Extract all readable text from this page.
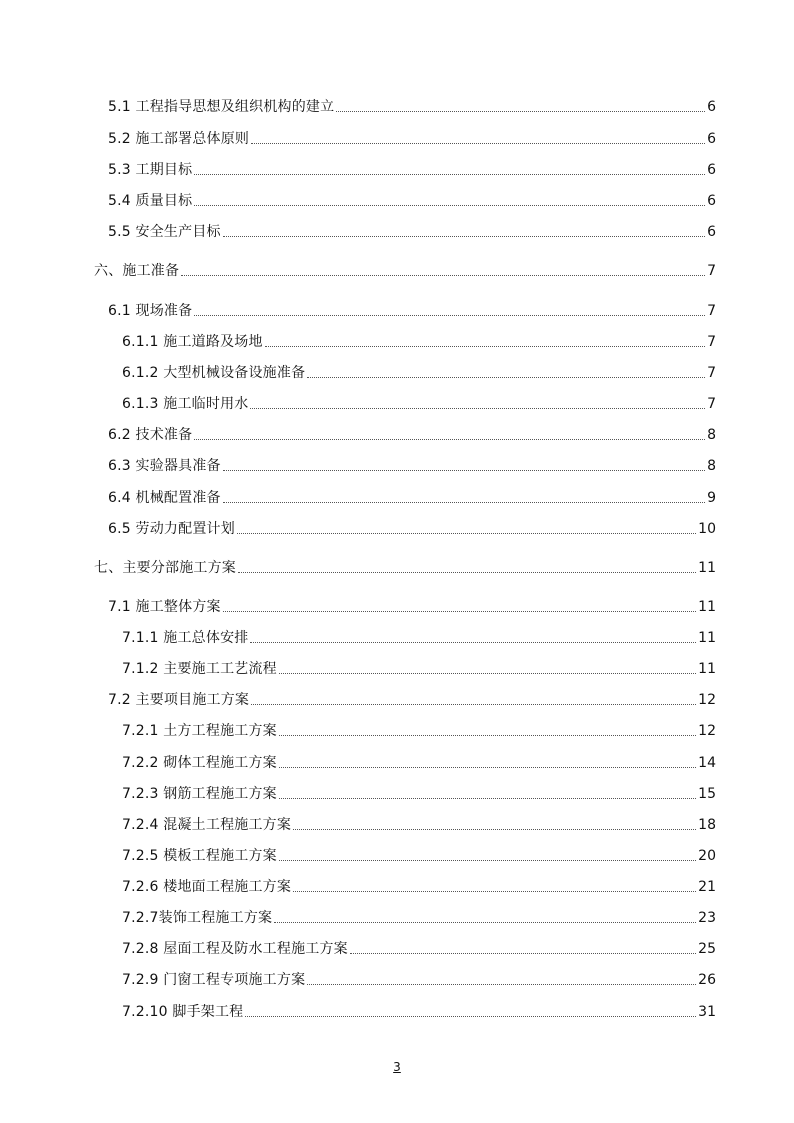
5.1 工程指导思想及组织机构的建立	6
5.2 施工部署总体原则	6
5.3 工期目标	6
5.4 质量目标	6
5.5 安全生产目标	6
六、施工准备	7
6.1 现场准备	7
6.1.1 施工道路及场地	7
6.1.2 大型机械设备设施准备	7
6.1.3 施工临时用水	7
6.2 技术准备	8
6.3 实验器具准备	8
6.4 机械配置准备	9
6.5 劳动力配置计划	10
七、主要分部施工方案	11
7.1 施工整体方案	11
7.1.1 施工总体安排	11
7.1.2 主要施工工艺流程	11
7.2 主要项目施工方案	12
7.2.1 土方工程施工方案	12
7.2.2 砌体工程施工方案	14
7.2.3 钢筋工程施工方案	15
7.2.4 混凝土工程施工方案	18
7.2.5 模板工程施工方案	20
7.2.6 楼地面工程施工方案	21
7.2.7装饰工程施工方案	23
7.2.8 屋面工程及防水工程施工方案	25
7.2.9 门窗工程专项施工方案	26
7.2.10 脚手架工程	31
3
